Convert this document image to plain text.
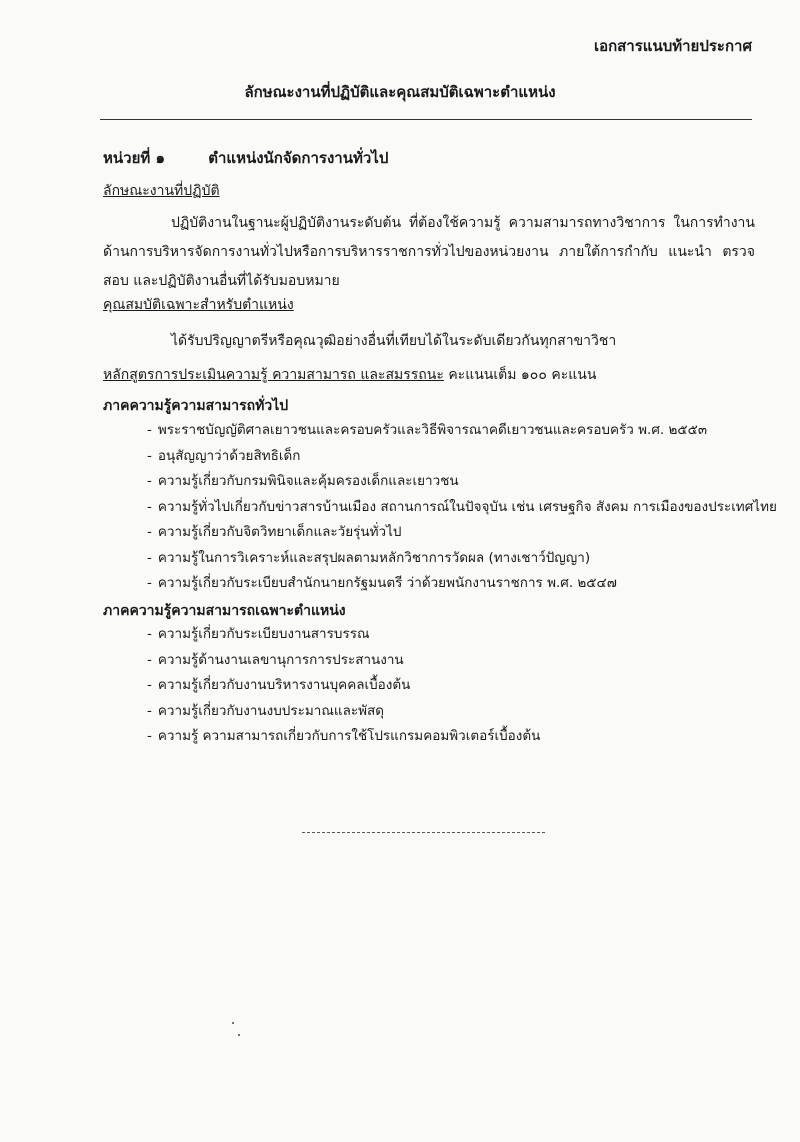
เอกสารแนบท้ายประกาศ
ลักษณะงานที่ปฏิบัติและคุณสมบัติเฉพาะตำแหน่ง
หน่วยที่ ๑	ตำแหน่งนักจัดการงานทั่วไป
ลักษณะงานที่ปฏิบัติ
ปฏิบัติงานในฐานะผู้ปฏิบัติงานระดับต้น ที่ต้องใช้ความรู้ ความสามารถทางวิชาการ ในการทำงานด้านการบริหารจัดการงานทั่วไปหรือการบริหารราชการทั่วไปของหน่วยงาน ภายใต้การกำกับ แนะนำ ตรวจสอบ และปฏิบัติงานอื่นที่ได้รับมอบหมาย
คุณสมบัติเฉพาะสำหรับตำแหน่ง
ได้รับปริญญาตรีหรือคุณวุฒิอย่างอื่นที่เทียบได้ในระดับเดียวกันทุกสาขาวิชา
หลักสูตรการประเมินความรู้ ความสามารถ และสมรรถนะ คะแนนเต็ม ๑๐๐ คะแนน
ภาคความรู้ความสามารถทั่วไป
- พระราชบัญญัติศาลเยาวชนและครอบครัวและวิธีพิจารณาคดีเยาวชนและครอบครัว พ.ศ. ๒๕๕๓
- อนุสัญญาว่าด้วยสิทธิเด็ก
- ความรู้เกี่ยวกับกรมพินิจและคุ้มครองเด็กและเยาวชน
- ความรู้ทั่วไปเกี่ยวกับข่าวสารบ้านเมือง สถานการณ์ในปัจจุบัน เช่น เศรษฐกิจ สังคม การเมืองของประเทศไทย
- ความรู้เกี่ยวกับจิตวิทยาเด็กและวัยรุ่นทั่วไป
- ความรู้ในการวิเคราะห์และสรุปผลตามหลักวิชาการวัดผล (ทางเชาว์ปัญญา)
- ความรู้เกี่ยวกับระเบียบสำนักนายกรัฐมนตรี ว่าด้วยพนักงานราชการ พ.ศ. ๒๕๔๗
ภาคความรู้ความสามารถเฉพาะตำแหน่ง
- ความรู้เกี่ยวกับระเบียบงานสารบรรณ
- ความรู้ด้านงานเลขานุการการประสานงาน
- ความรู้เกี่ยวกับงานบริหารงานบุคคลเบื้องต้น
- ความรู้เกี่ยวกับงานงบประมาณและพัสดุ
- ความรู้ ความสามารถเกี่ยวกับการใช้โปรแกรมคอมพิวเตอร์เบื้องต้น
